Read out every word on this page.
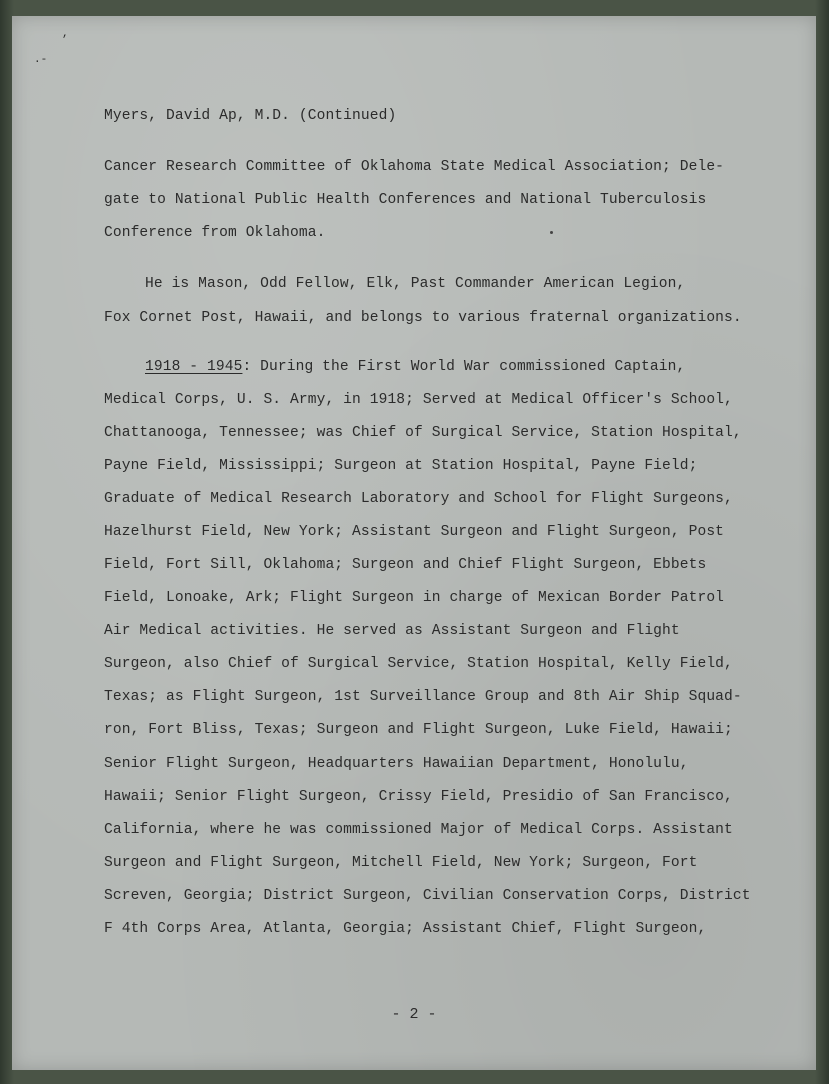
,
.-
Myers, David Ap, M.D. (Continued)
Cancer Research Committee of Oklahoma State Medical Association; Dele-
gate to National Public Health Conferences and National Tuberculosis
Conference from Oklahoma.
He is Mason, Odd Fellow, Elk, Past Commander American Legion,
Fox Cornet Post, Hawaii, and belongs to various fraternal organizations.
1918 - 1945: During the First World War commissioned Captain,
Medical Corps, U. S. Army, in 1918; Served at Medical Officer's School,
Chattanooga, Tennessee; was Chief of Surgical Service, Station Hospital,
Payne Field, Mississippi; Surgeon at Station Hospital, Payne Field;
Graduate of Medical Research Laboratory and School for Flight Surgeons,
Hazelhurst Field, New York; Assistant Surgeon and Flight Surgeon, Post
Field, Fort Sill, Oklahoma; Surgeon and Chief Flight Surgeon, Ebbets
Field, Lonoake, Ark; Flight Surgeon in charge of Mexican Border Patrol
Air Medical activities. He served as Assistant Surgeon and Flight
Surgeon, also Chief of Surgical Service, Station Hospital, Kelly Field,
Texas; as Flight Surgeon, 1st Surveillance Group and 8th Air Ship Squad-
ron, Fort Bliss, Texas; Surgeon and Flight Surgeon, Luke Field, Hawaii;
Senior Flight Surgeon, Headquarters Hawaiian Department, Honolulu,
Hawaii; Senior Flight Surgeon, Crissy Field, Presidio of San Francisco,
California, where he was commissioned Major of Medical Corps. Assistant
Surgeon and Flight Surgeon, Mitchell Field, New York; Surgeon, Fort
Screven, Georgia; District Surgeon, Civilian Conservation Corps, District
F 4th Corps Area, Atlanta, Georgia; Assistant Chief, Flight Surgeon,
- 2 -
